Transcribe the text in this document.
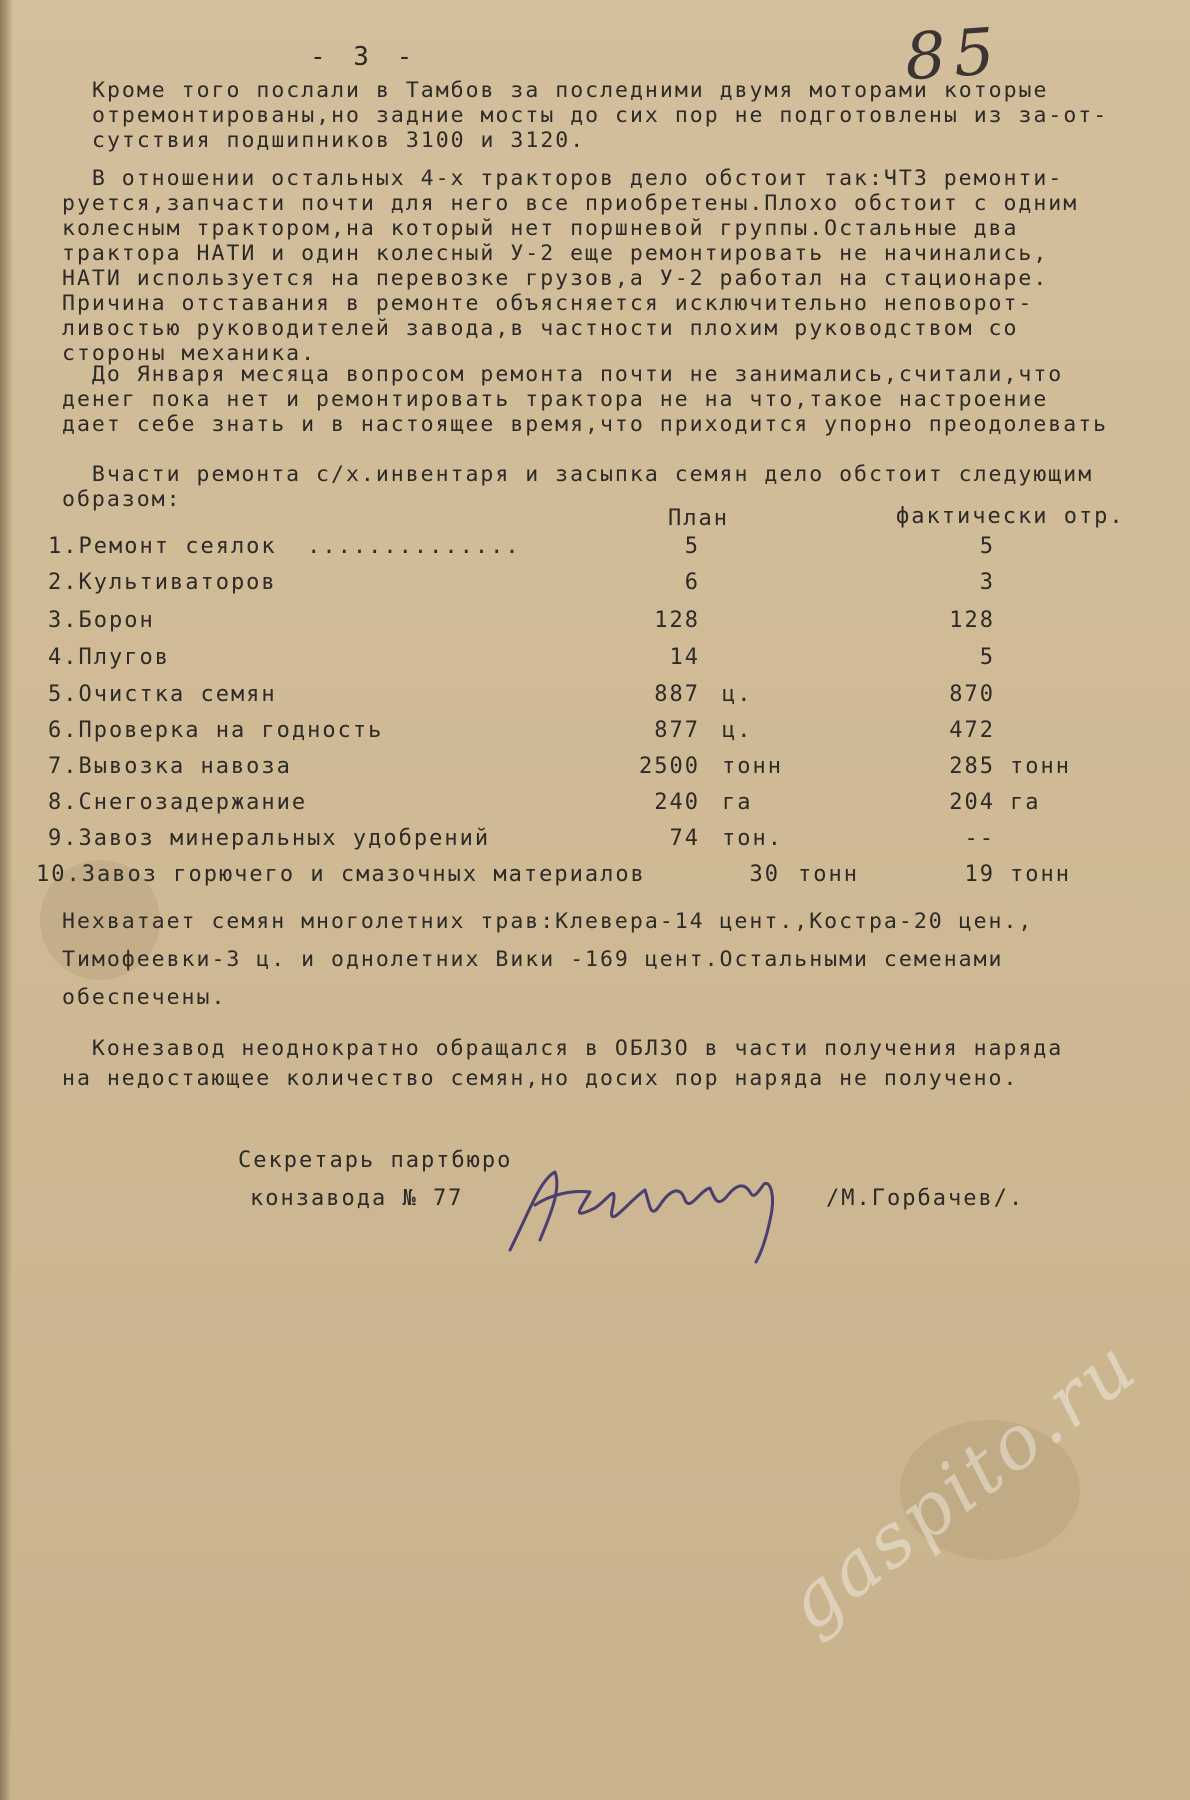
- 3 -	85

Кроме того послали в Тамбов за последними двумя моторами которые
отремонтированы,но задние мосты до сих пор не подготовлены из за-от-
сутствия подшипников 3100 и 3120.

В отношении остальных 4-х тракторов дело обстоит так:ЧТЗ ремонти-
руется,запчасти почти для него все приобретены.Плохо обстоит с одним
колесным трактором,на который нет поршневой группы.Остальные два
трактора НАТИ и один колесный У-2 еще ремонтировать не начинались,
НАТИ используется на перевозке грузов,а У-2 работал на стационаре.
Причина отставания в ремонте объясняется исключительно неповорот-
ливостью руководителей завода,в частности плохим руководством со
стороны механика.

До Января месяца вопросом ремонта почти не занимались,считали,что
денег пока нет и ремонтировать трактора не на что,такое настроение
дает себе знать и в настоящее время,что приходится упорно преодолевать

Вчасти ремонта с/х.инвентаря и засыпка семян дело обстоит следующим
образом:

План	фактически отр.
1.Ремонт сеялок  ..............	5	5
2.Культиваторов	6	3
3.Борон	128	128
4.Плугов	14	5
5.Очистка семян	887 ц.	870
6.Проверка на годность	877 ц.	472
7.Вывозка навоза	2500 тонн	285 тонн
8.Снегозадержание	240 га	204 га
9.Завоз минеральных удобрений	74 тон.	--
10.Завоз горючего и смазочных материалов	30 тонн	19 тонн

Нехватает семян многолетних трав:Клевера-14 цент.,Костра-20 цен.,

Тимофеевки-3 ц. и однолетних Вики -169 цент.Остальными семенами

обеспечены.

Конезавод неоднократно обращался в ОБЛЗО в части получения наряда
на недостающее количество семян,но досих пор наряда не получено.

Секретарь партбюро
конзавода № 77	/М.Горбачев/.
gaspito.ru
